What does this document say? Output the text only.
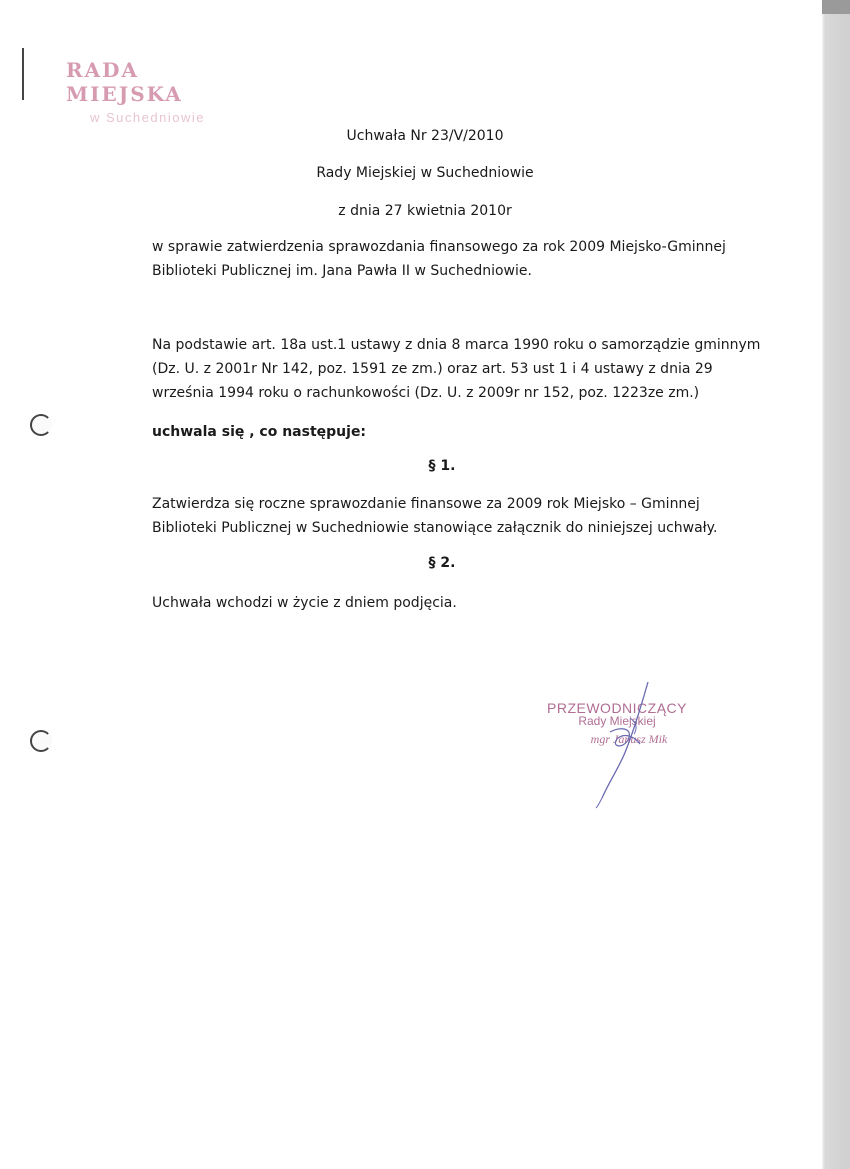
RADA MIEJSKA
w Suchedniowie
Uchwała Nr 23/V/2010
Rady Miejskiej w Suchedniowie
z dnia 27 kwietnia 2010r
w sprawie zatwierdzenia sprawozdania finansowego za rok 2009 Miejsko-Gminnej
Biblioteki Publicznej im. Jana Pawła II w Suchedniowie.
Na podstawie art. 18a ust.1 ustawy z dnia 8 marca 1990 roku o samorządzie gminnym
(Dz. U. z 2001r Nr 142, poz. 1591 ze zm.) oraz art. 53 ust 1 i 4 ustawy z dnia 29
września 1994 roku o rachunkowości (Dz. U. z 2009r nr 152, poz. 1223ze zm.)
uchwala się , co następuje:
§ 1.
Zatwierdza się roczne sprawozdanie finansowe za 2009 rok Miejsko – Gminnej
Biblioteki Publicznej w Suchedniowie stanowiące załącznik do niniejszej uchwały.
§ 2.
Uchwała wchodzi w życie z dniem podjęcia.
PRZEWODNICZĄCY
Rady Miejskiej
mgr Janusz Mik
